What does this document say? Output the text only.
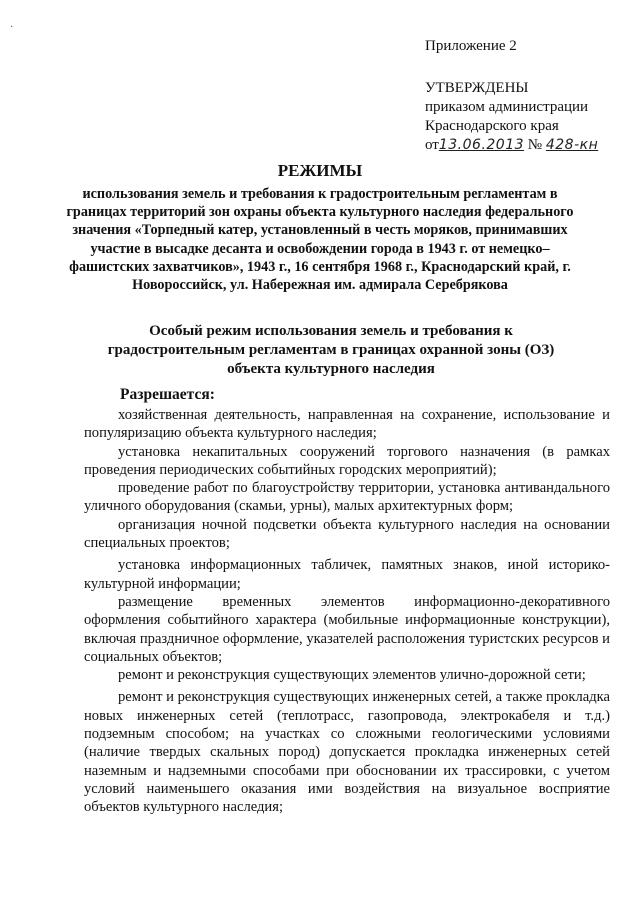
·
Приложение 2
УТВЕРЖДЕНЫ
приказом администрации
Краснодарского края
от13.06.2013 № 428-кн
РЕЖИМЫ
использования земель и требования к градостроительным регламентам в границах территорий зон охраны объекта культурного наследия федерального значения «Торпедный катер, установленный в честь моряков, принимавших участие в высадке десанта и освобождении города в 1943 г. от немецко–фашистских захватчиков», 1943 г., 16 сентября 1968 г., Краснодарский край, г. Новороссийск, ул. Набережная им. адмирала Серебрякова
Особый режим использования земель и требования к градостроительным регламентам в границах охранной зоны (ОЗ) объекта культурного наследия
Разрешается:

хозяйственная деятельность, направленная на сохранение, использование и популяризацию объекта культурного наследия;

установка некапитальных сооружений торгового назначения (в рамках проведения периодических событийных городских мероприятий);

проведение работ по благоустройству территории, установка антивандального уличного оборудования (скамьи, урны), малых архитектурных форм;

организация ночной подсветки объекта культурного наследия на основании специальных проектов;

установка информационных табличек, памятных знаков, иной историко-культурной информации;

размещение временных элементов информационно-декоративного оформления событийного характера (мобильные информационные конструкции), включая праздничное оформление, указателей расположения туристских ресурсов и социальных объектов;

ремонт и реконструкция существующих элементов улично-дорожной сети;

ремонт и реконструкция существующих инженерных сетей, а также прокладка новых инженерных сетей (теплотрасс, газопровода, электрокабеля и т.д.) подземным способом; на участках со сложными геологическими условиями (наличие твердых скальных пород) допускается прокладка инженерных сетей наземным и надземными способами при обосновании их трассировки, с учетом условий наименьшего оказания ими воздействия на визуальное восприятие объектов культурного наследия;
